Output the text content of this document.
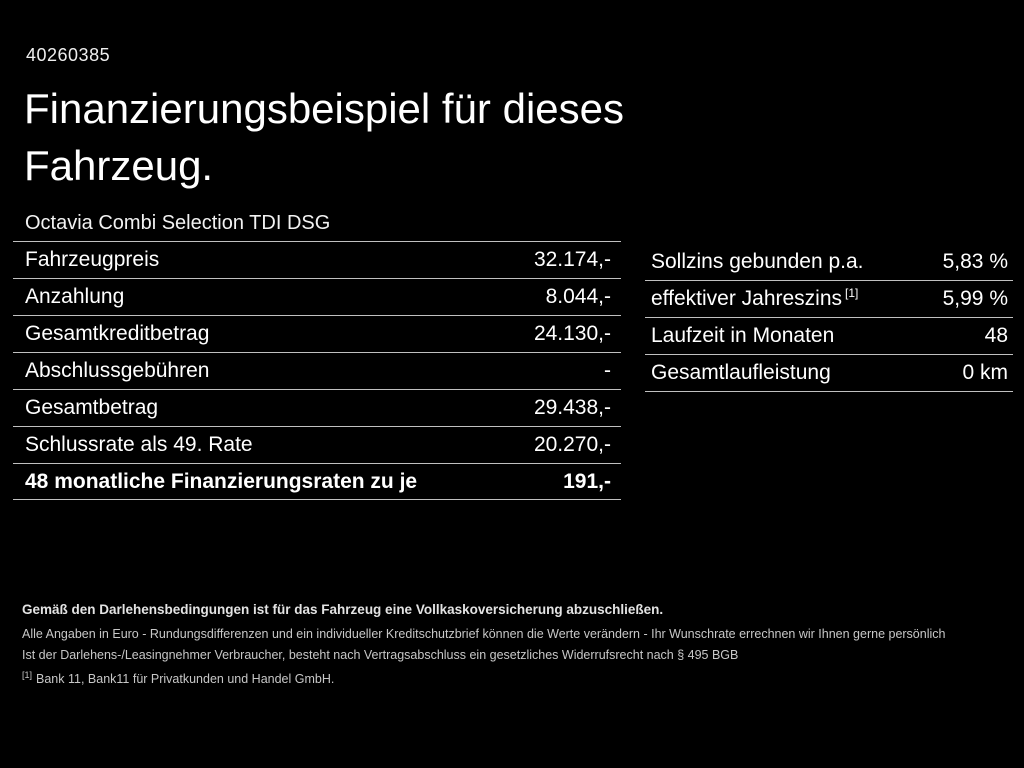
40260385
Finanzierungsbeispiel für dieses
Fahrzeug.
Octavia Combi Selection TDI DSG
Fahrzeugpreis	32.174,-
Anzahlung	8.044,-
Gesamtkreditbetrag	24.130,-
Abschlussgebühren	-
Gesamtbetrag	29.438,-
Schlussrate als 49. Rate	20.270,-
48 monatliche Finanzierungsraten zu je	191,-
Sollzins gebunden p.a.	5,83 %
effektiver Jahreszins [1]	5,99 %
Laufzeit in Monaten	48
Gesamtlaufleistung	0 km

Gemäß den Darlehensbedingungen ist für das Fahrzeug eine Vollkaskoversicherung abzuschließen.

Alle Angaben in Euro - Rundungsdifferenzen und ein individueller Kreditschutzbrief können die Werte verändern - Ihr Wunschrate errechnen wir Ihnen gerne persönlich

Ist der Darlehens-/Leasingnehmer Verbraucher, besteht nach Vertragsabschluss ein gesetzliches Widerrufsrecht nach § 495 BGB

[1] Bank 11, Bank11 für Privatkunden und Handel GmbH.
